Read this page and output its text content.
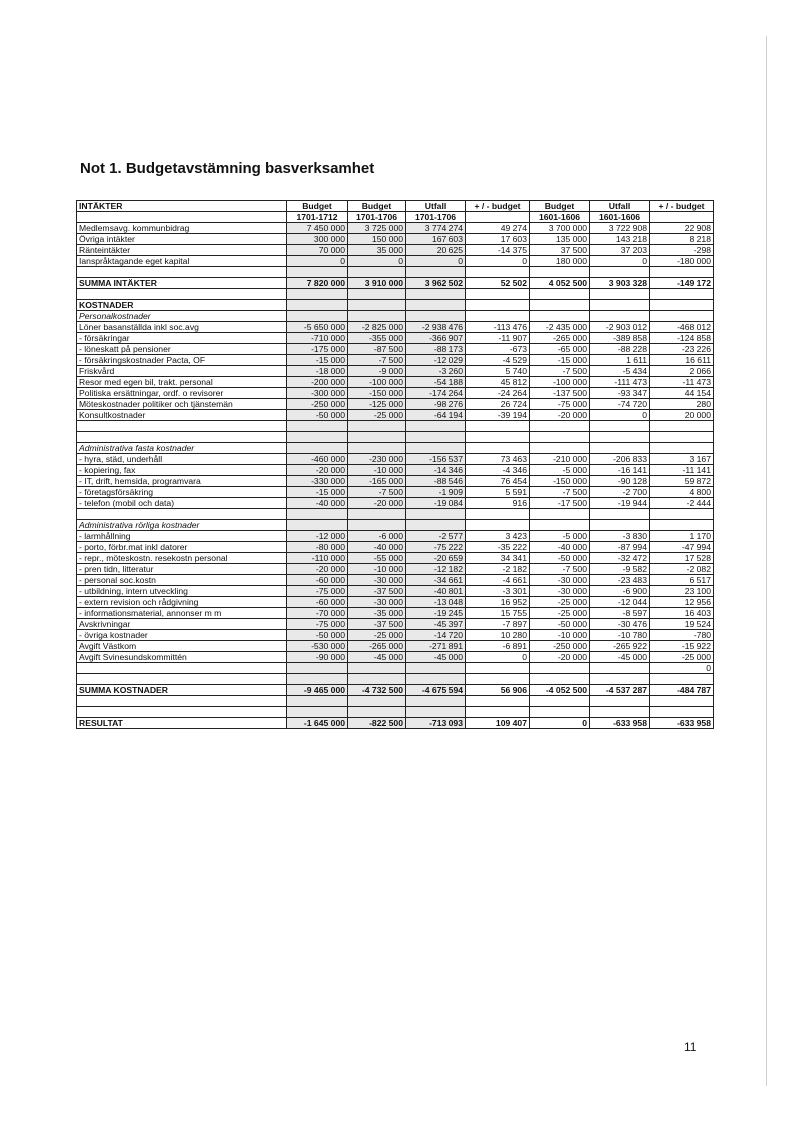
Not 1. Budgetavstämning basverksamhet
INTÄKTER	Budget	Budget	Utfall	+ / - budget	Budget	Utfall	+ / - budget
	1701-1712	1701-1706	1701-1706		1601-1606	1601-1606	
Medlemsavg. kommunbidrag	7 450 000	3 725 000	3 774 274	49 274	3 700 000	3 722 908	22 908
Övriga intäkter	300 000	150 000	167 603	17 603	135 000	143 218	8 218
Ränteintäkter	70 000	35 000	20 625	-14 375	37 500	37 203	-298
Ianspråktagande eget kapital	0	0	0	0	180 000	0	-180 000

SUMMA INTÄKTER	7 820 000	3 910 000	3 962 502	52 502	4 052 500	3 903 328	-149 172

KOSTNADER							
Personalkostnader							
Löner basanställda inkl soc.avg	-5 650 000	-2 825 000	-2 938 476	-113 476	-2 435 000	-2 903 012	-468 012
- försäkringar	-710 000	-355 000	-366 907	-11 907	-265 000	-389 858	-124 858
- löneskatt på pensioner	-175 000	-87 500	-88 173	-673	-65 000	-88 228	-23 226
- försäkringskostnader Pacta, OF	-15 000	-7 500	-12 029	-4 529	-15 000	1 611	16 611
Friskvård	-18 000	-9 000	-3 260	5 740	-7 500	-5 434	2 066
Resor med egen bil, trakt. personal	-200 000	-100 000	-54 188	45 812	-100 000	-111 473	-11 473
Politiska ersättningar, ordf. o revisorer	-300 000	-150 000	-174 264	-24 264	-137 500	-93 347	44 154
Möteskostnader politiker och tjänstemän	-250 000	-125 000	-98 276	26 724	-75 000	-74 720	280
Konsultkostnader	-50 000	-25 000	-64 194	-39 194	-20 000	0	20 000

Administrativa fasta kostnader							
- hyra, städ, underhåll	-460 000	-230 000	-156 537	73 463	-210 000	-206 833	3 167
- kopiering, fax	-20 000	-10 000	-14 346	-4 346	-5 000	-16 141	-11 141
- IT, drift, hemsida, programvara	-330 000	-165 000	-88 546	76 454	-150 000	-90 128	59 872
- företagsförsäkring	-15 000	-7 500	-1 909	5 591	-7 500	-2 700	4 800
- telefon (mobil och data)	-40 000	-20 000	-19 084	916	-17 500	-19 944	-2 444

Administrativa rörliga kostnader							
- larmhållning	-12 000	-6 000	-2 577	3 423	-5 000	-3 830	1 170
- porto, förbr.mat inkl datorer	-80 000	-40 000	-75 222	-35 222	-40 000	-87 994	-47 994
- repr., möteskostn. resekostn personal	-110 000	-55 000	-20 659	34 341	-50 000	-32 472	17 528
- pren tidn, litteratur	-20 000	-10 000	-12 182	-2 182	-7 500	-9 582	-2 082
- personal soc.kostn	-60 000	-30 000	-34 661	-4 661	-30 000	-23 483	6 517
- utbildning, intern utveckling	-75 000	-37 500	-40 801	-3 301	-30 000	-6 900	23 100
- extern revision och rådgivning	-60 000	-30 000	-13 048	16 952	-25 000	-12 044	12 956
- informationsmaterial, annonser m m	-70 000	-35 000	-19 245	15 755	-25 000	-8 597	16 403
Avskrivningar	-75 000	-37 500	-45 397	-7 897	-50 000	-30 476	19 524
- övriga kostnader	-50 000	-25 000	-14 720	10 280	-10 000	-10 780	-780
Avgift Västkom	-530 000	-265 000	-271 891	-6 891	-250 000	-265 922	-15 922
Avgift Svinesundskommittén	-90 000	-45 000	-45 000	0	-20 000	-45 000	-25 000
							0

SUMMA KOSTNADER	-9 465 000	-4 732 500	-4 675 594	56 906	-4 052 500	-4 537 287	-484 787

RESULTAT	-1 645 000	-822 500	-713 093	109 407	0	-633 958	-633 958
11
